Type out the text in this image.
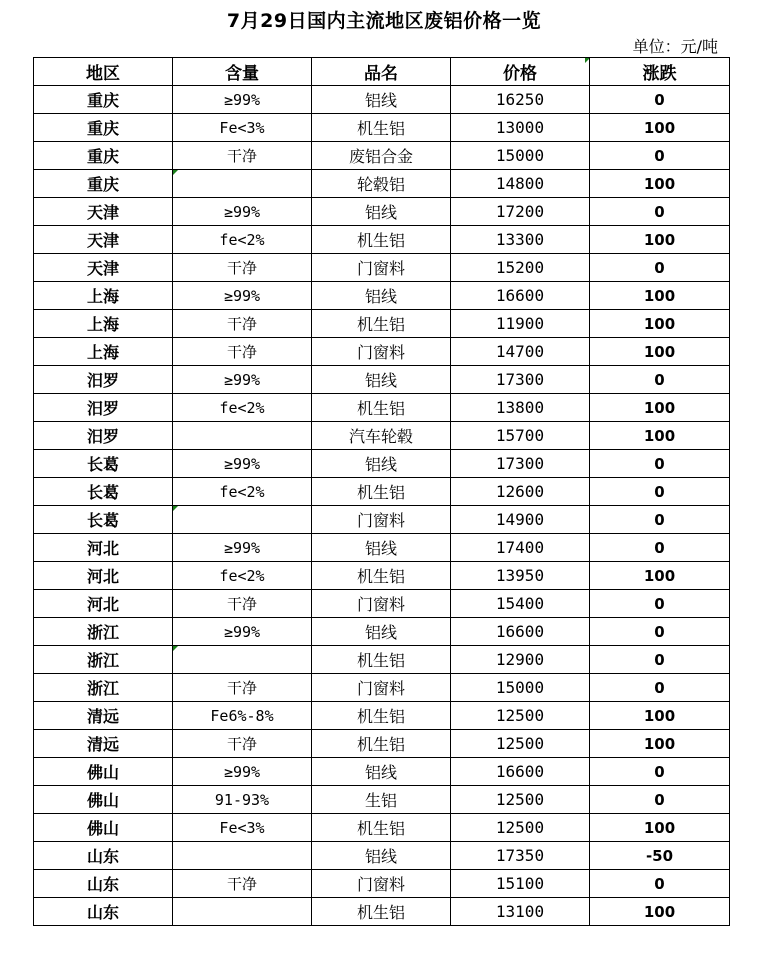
7月29日国内主流地区废铝价格一览
单位：元/吨
地区	含量	品名	价格	涨跌
重庆	≥99%	铝线	16250	0
重庆	Fe<3%	机生铝	13000	100
重庆	干净	废铝合金	15000	0
重庆		轮毂铝	14800	100
天津	≥99%	铝线	17200	0
天津	fe<2%	机生铝	13300	100
天津	干净	门窗料	15200	0
上海	≥99%	铝线	16600	100
上海	干净	机生铝	11900	100
上海	干净	门窗料	14700	100
汨罗	≥99%	铝线	17300	0
汨罗	fe<2%	机生铝	13800	100
汨罗		汽车轮毂	15700	100
长葛	≥99%	铝线	17300	0
长葛	fe<2%	机生铝	12600	0
长葛		门窗料	14900	0
河北	≥99%	铝线	17400	0
河北	fe<2%	机生铝	13950	100
河北	干净	门窗料	15400	0
浙江	≥99%	铝线	16600	0
浙江		机生铝	12900	0
浙江	干净	门窗料	15000	0
清远	Fe6%-8%	机生铝	12500	100
清远	干净	机生铝	12500	100
佛山	≥99%	铝线	16600	0
佛山	91-93%	生铝	12500	0
佛山	Fe<3%	机生铝	12500	100
山东		铝线	17350	-50
山东	干净	门窗料	15100	0
山东		机生铝	13100	100
